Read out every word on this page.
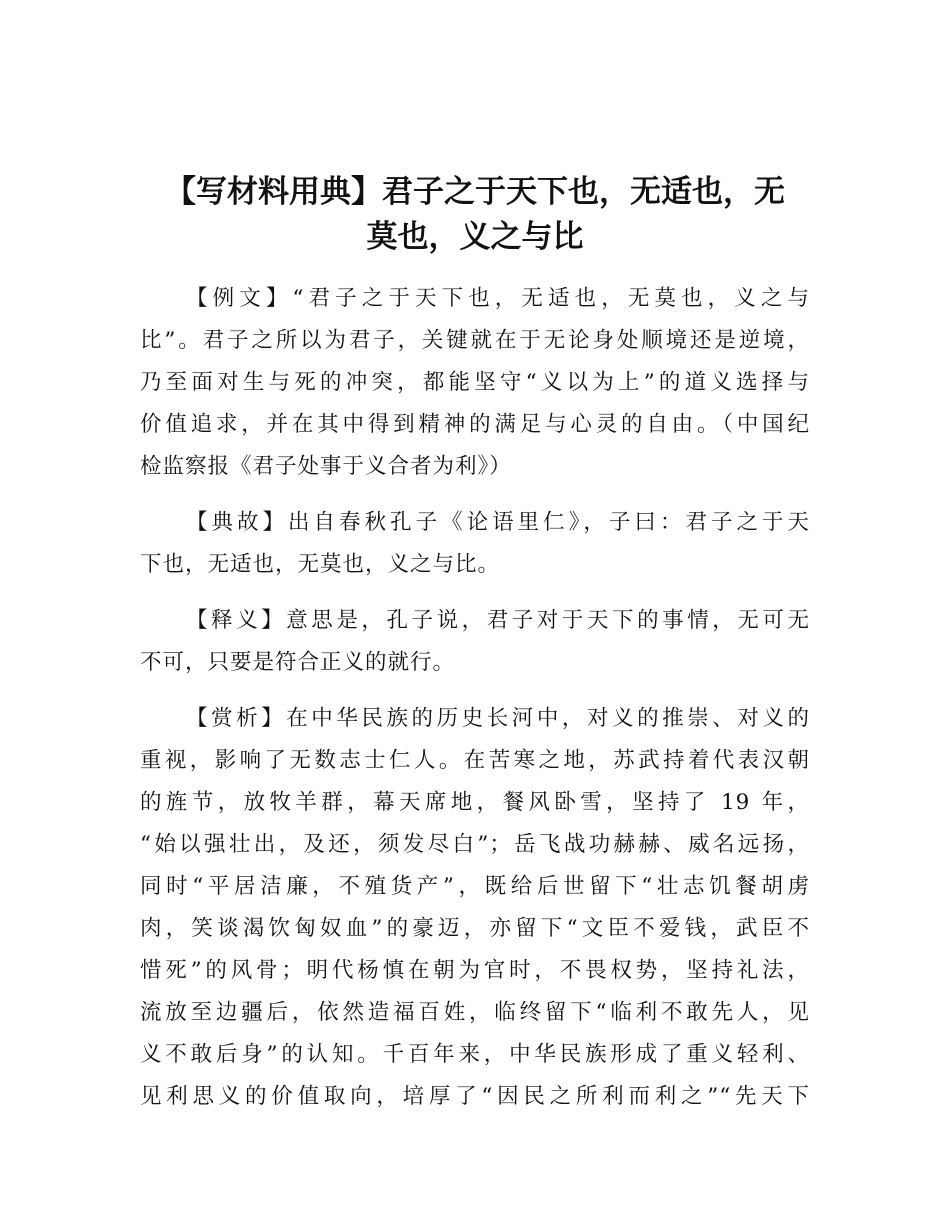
【写材料用典】君子之于天下也，无适也，无
莫也，义之与比

【例文】“君子之于天下也，无适也，无莫也，义之与
比”。君子之所以为君子，关键就在于无论身处顺境还是逆境，
乃至面对生与死的冲突，都能坚守“义以为上”的道义选择与
价值追求，并在其中得到精神的满足与心灵的自由。（中国纪
检监察报《君子处事于义合者为利》）

【典故】出自春秋孔子《论语里仁》，子曰：君子之于天
下也，无适也，无莫也，义之与比。

【释义】意思是，孔子说，君子对于天下的事情，无可无
不可，只要是符合正义的就行。

【赏析】在中华民族的历史长河中，对义的推崇、对义的
重视，影响了无数志士仁人。在苦寒之地，苏武持着代表汉朝
的旌节，放牧羊群，幕天席地，餐风卧雪，坚持了 19 年，
“始以强壮出，及还，须发尽白”；岳飞战功赫赫、威名远扬，
同时“平居洁廉，不殖货产”，既给后世留下“壮志饥餐胡虏
肉，笑谈渴饮匈奴血”的豪迈，亦留下“文臣不爱钱，武臣不
惜死”的风骨；明代杨慎在朝为官时，不畏权势，坚持礼法，
流放至边疆后，依然造福百姓，临终留下“临利不敢先人，见
义不敢后身”的认知。千百年来，中华民族形成了重义轻利、
见利思义的价值取向，培厚了“因民之所利而利之”“先天下
